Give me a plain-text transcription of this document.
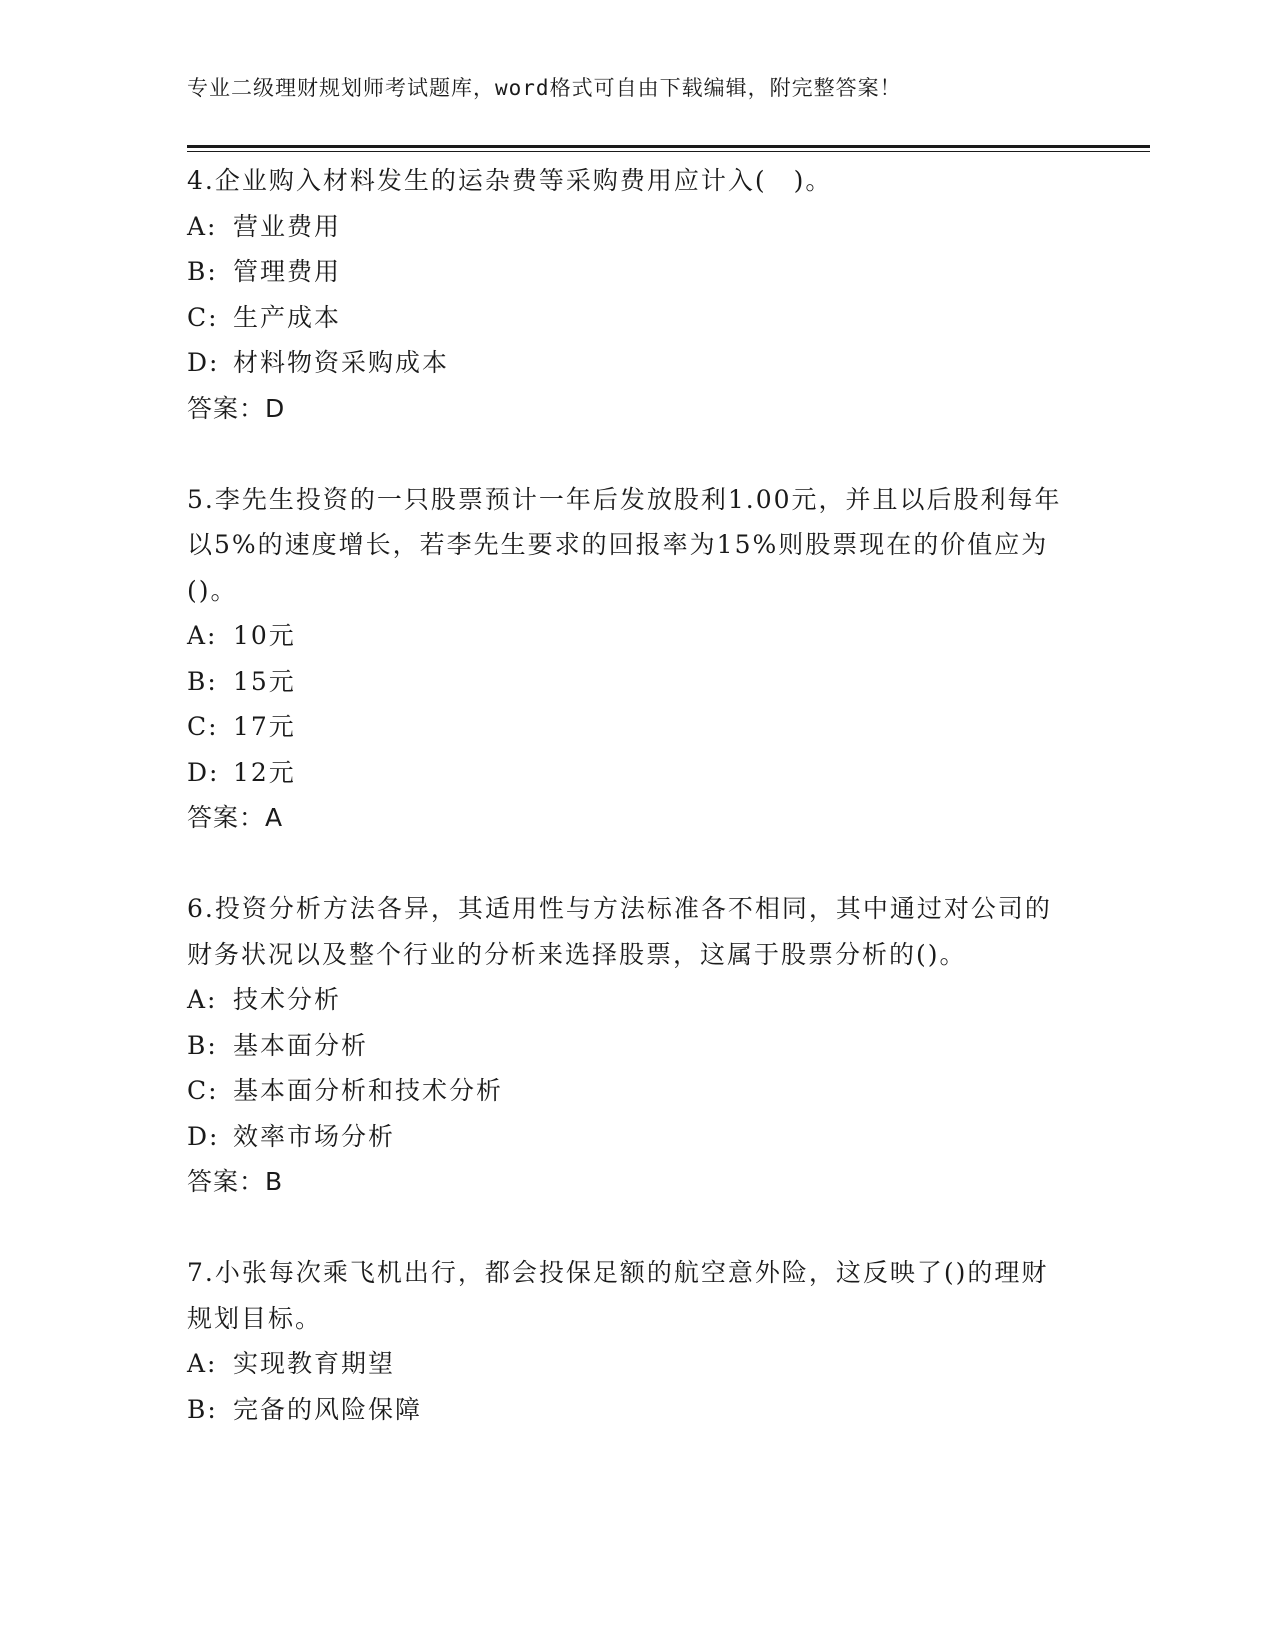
专业二级理财规划师考试题库，word格式可自由下载编辑，附完整答案！

4.企业购入材料发生的运杂费等采购费用应计入(　)。

A: 营业费用

B: 管理费用

C: 生产成本

D: 材料物资采购成本

答案：D

5.李先生投资的一只股票预计一年后发放股利1.00元，并且以后股利每年以5%的速度增长，若李先生要求的回报率为15%则股票现在的价值应为()。

A: 10元

B: 15元

C: 17元

D: 12元

答案：A

6.投资分析方法各异，其适用性与方法标准各不相同，其中通过对公司的财务状况以及整个行业的分析来选择股票，这属于股票分析的()。

A: 技术分析

B: 基本面分析

C: 基本面分析和技术分析

D: 效率市场分析

答案：B

7.小张每次乘飞机出行，都会投保足额的航空意外险，这反映了()的理财规划目标。

A: 实现教育期望

B: 完备的风险保障
